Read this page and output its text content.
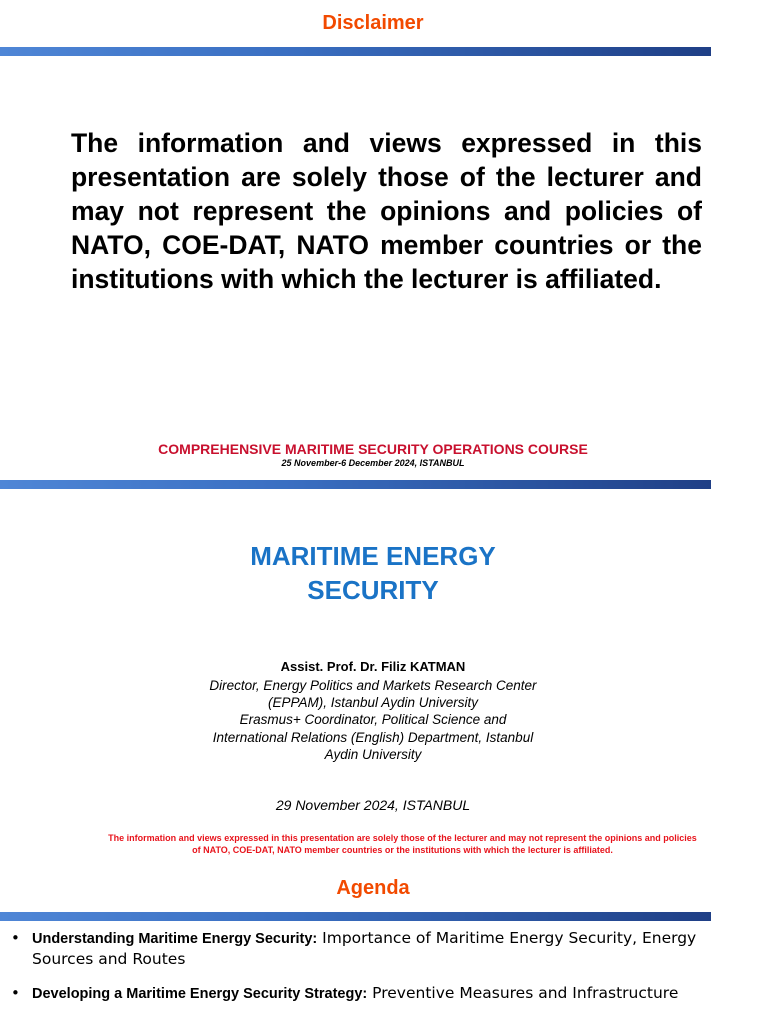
Disclaimer
The information and views expressed in this presentation are solely those of the lecturer and may not represent the opinions and policies of NATO, COE-DAT, NATO member countries or the institutions with which the lecturer is affiliated.
COMPREHENSIVE MARITIME SECURITY OPERATIONS COURSE
25 November-6 December 2024, ISTANBUL
MARITIME ENERGY
SECURITY
Assist. Prof. Dr. Filiz KATMAN
Director, Energy Politics and Markets Research Center
(EPPAM), Istanbul Aydin University
Erasmus+ Coordinator, Political Science and
International Relations (English) Department, Istanbul
Aydin University
29 November 2024, ISTANBUL
The information and views expressed in this presentation are solely those of the lecturer and may not represent the opinions and policies
of NATO, COE-DAT, NATO member countries or the institutions with which the lecturer is affiliated.
Agenda
• Understanding Maritime Energy Security: Importance of Maritime Energy Security, Energy
Sources and Routes
• Developing a Maritime Energy Security Strategy: Preventive Measures and Infrastructure
